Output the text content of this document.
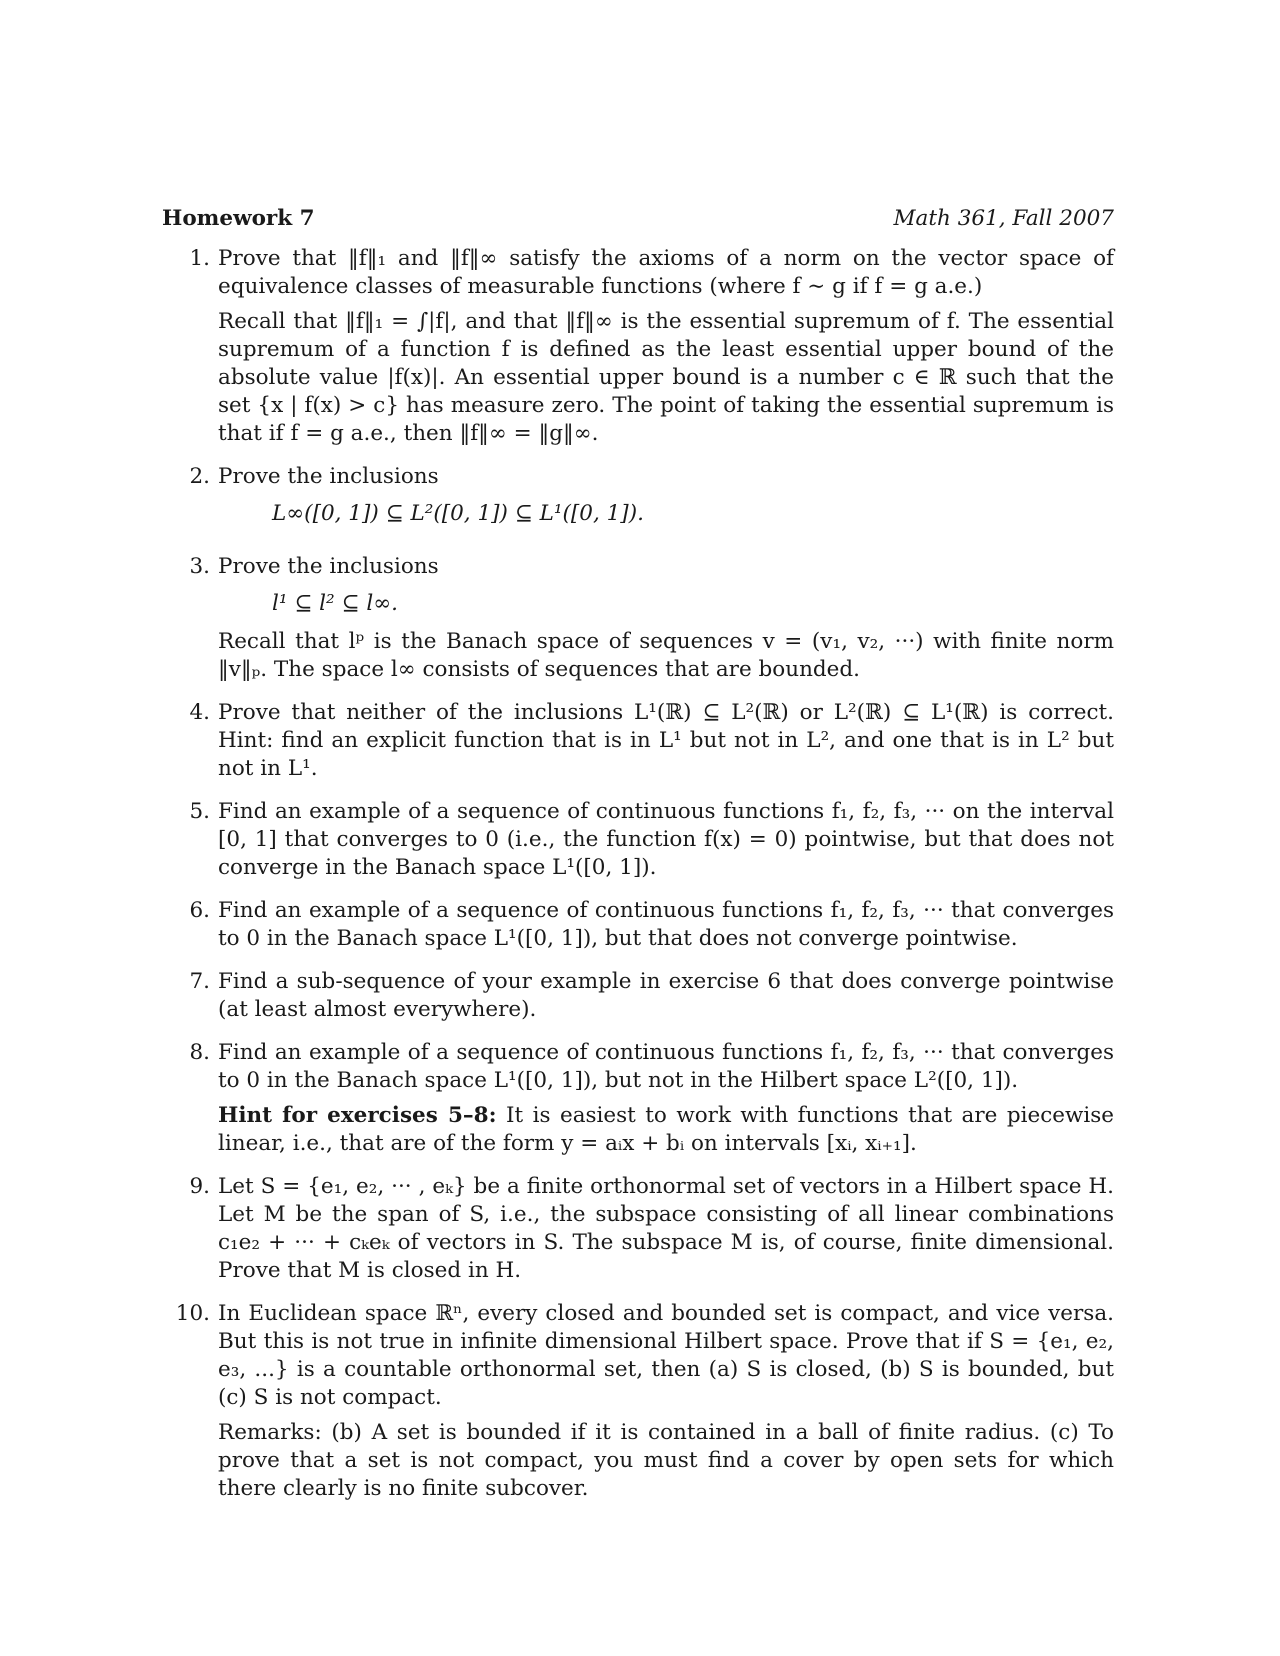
Homework 7	Math 361, Fall 2007
1. Prove that ‖f‖₁ and ‖f‖∞ satisfy the axioms of a norm on the vector space of equivalence classes of measurable functions (where f ∼ g if f = g a.e.)

Recall that ‖f‖₁ = ∫|f|, and that ‖f‖∞ is the essential supremum of f. The essential supremum of a function f is defined as the least essential upper bound of the absolute value |f(x)|. An essential upper bound is a number c ∈ ℝ such that the set {x | f(x) > c} has measure zero. The point of taking the essential supremum is that if f = g a.e., then ‖f‖∞ = ‖g‖∞.

2. Prove the inclusions

L∞([0, 1]) ⊆ L²([0, 1]) ⊆ L¹([0, 1]).
3. Prove the inclusions

l¹ ⊆ l² ⊆ l∞.

Recall that lᵖ is the Banach space of sequences v = (v₁, v₂, ···) with finite norm ‖v‖ₚ. The space l∞ consists of sequences that are bounded.

4. Prove that neither of the inclusions L¹(ℝ) ⊆ L²(ℝ) or L²(ℝ) ⊆ L¹(ℝ) is correct. Hint: find an explicit function that is in L¹ but not in L², and one that is in L² but not in L¹.

5. Find an example of a sequence of continuous functions f₁, f₂, f₃, ··· on the interval [0, 1] that converges to 0 (i.e., the function f(x) = 0) pointwise, but that does not converge in the Banach space L¹([0, 1]).

6. Find an example of a sequence of continuous functions f₁, f₂, f₃, ··· that converges to 0 in the Banach space L¹([0, 1]), but that does not converge pointwise.

7. Find a sub-sequence of your example in exercise 6 that does converge pointwise (at least almost everywhere).

8. Find an example of a sequence of continuous functions f₁, f₂, f₃, ··· that converges to 0 in the Banach space L¹([0, 1]), but not in the Hilbert space L²([0, 1]).

Hint for exercises 5–8: It is easiest to work with functions that are piecewise linear, i.e., that are of the form y = aᵢx + bᵢ on intervals [xᵢ, xᵢ₊₁].

9. Let S = {e₁, e₂, ··· , eₖ} be a finite orthonormal set of vectors in a Hilbert space H. Let M be the span of S, i.e., the subspace consisting of all linear combinations c₁e₂ + ··· + cₖeₖ of vectors in S. The subspace M is, of course, finite dimensional. Prove that M is closed in H.

10. In Euclidean space ℝⁿ, every closed and bounded set is compact, and vice versa. But this is not true in infinite dimensional Hilbert space. Prove that if S = {e₁, e₂, e₃, ...} is a countable orthonormal set, then (a) S is closed, (b) S is bounded, but (c) S is not compact.

Remarks: (b) A set is bounded if it is contained in a ball of finite radius. (c) To prove that a set is not compact, you must find a cover by open sets for which there clearly is no finite subcover.
